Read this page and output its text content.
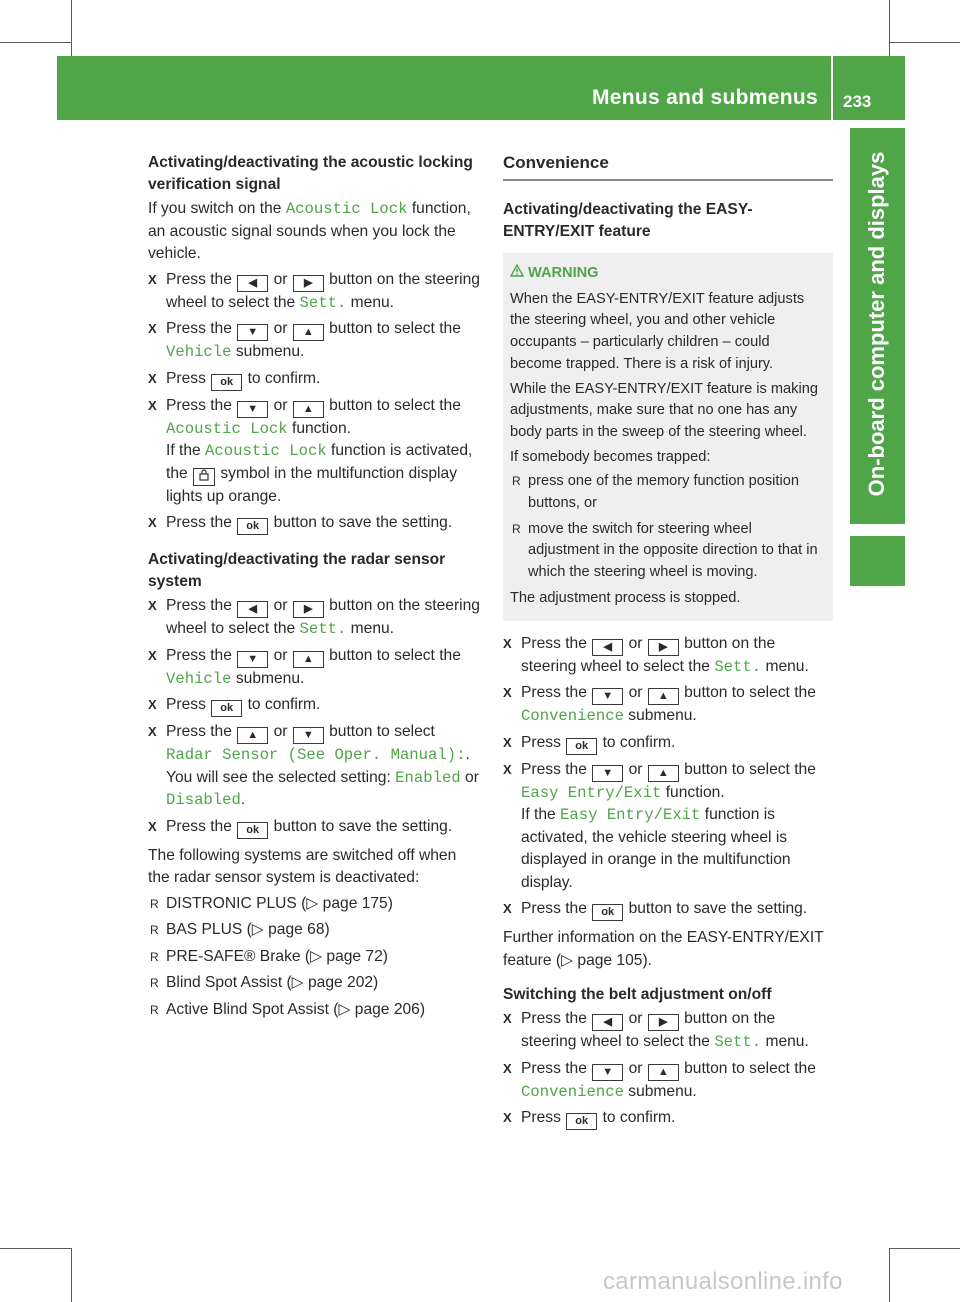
Menus and submenus 233
On-board computer and displays
Activating/deactivating the acoustic locking verification signal

If you switch on the Acoustic Lock function, an acoustic signal sounds when you lock the vehicle.

X Press the ◀ or ▶ button on the steering wheel to select the Sett. menu.
X Press the ▼ or ▲ button to select the Vehicle submenu.
X Press ok to confirm.
X Press the ▼ or ▲ button to select the Acoustic Lock function.
If the Acoustic Lock function is activated, the symbol in the multifunction display lights up orange.
X Press the ok button to save the setting.
Activating/deactivating the radar sensor system
X Press the ◀ or ▶ button on the steering wheel to select the Sett. menu.
X Press the ▼ or ▲ button to select the Vehicle submenu.
X Press ok to confirm.
X Press the ▲ or ▼ button to select Radar Sensor (See Oper. Manual):.
You will see the selected setting: Enabled or Disabled.
X Press the ok button to save the setting.

The following systems are switched off when the radar sensor system is deactivated:

R DISTRONIC PLUS (▷ page 175)
R BAS PLUS (▷ page 68)
R PRE-SAFE® Brake (▷ page 72)
R Blind Spot Assist (▷ page 202)
R Active Blind Spot Assist (▷ page 206)
Convenience
Activating/deactivating the EASY-ENTRY/EXIT feature
WARNING

When the EASY-ENTRY/EXIT feature adjusts the steering wheel, you and other vehicle occupants – particularly children – could become trapped. There is a risk of injury.

While the EASY-ENTRY/EXIT feature is making adjustments, make sure that no one has any body parts in the sweep of the steering wheel.

If somebody becomes trapped:

R press one of the memory function position buttons, or
R move the switch for steering wheel adjustment in the opposite direction to that in which the steering wheel is moving.

The adjustment process is stopped.

X Press the ◀ or ▶ button on the steering wheel to select the Sett. menu.
X Press the ▼ or ▲ button to select the Convenience submenu.
X Press ok to confirm.
X Press the ▼ or ▲ button to select the Easy Entry/Exit function.
If the Easy Entry/Exit function is activated, the vehicle steering wheel is displayed in orange in the multifunction display.
X Press the ok button to save the setting.

Further information on the EASY-ENTRY/EXIT feature (▷ page 105).

Switching the belt adjustment on/off
X Press the ◀ or ▶ button on the steering wheel to select the Sett. menu.
X Press the ▼ or ▲ button to select the Convenience submenu.
X Press ok to confirm.
carmanualsonline.info
